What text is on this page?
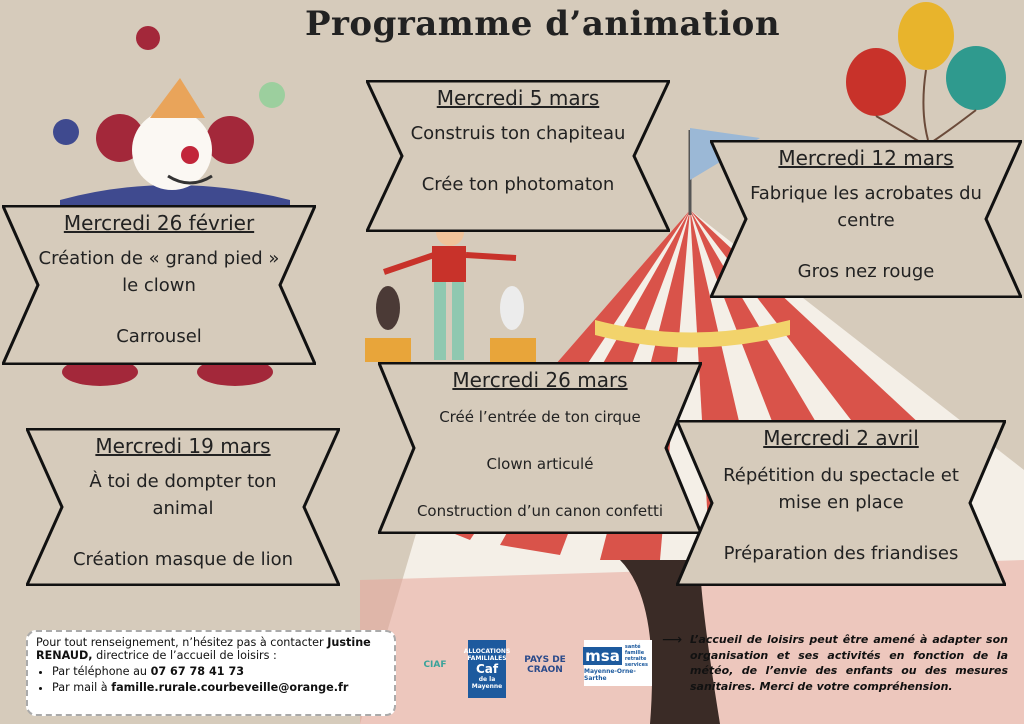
Programme d’animation
Mercredi 26 février
Création de « grand pied »
le clown
Carrousel
Mercredi 5 mars
Construis ton chapiteau
Crée ton photomaton
Mercredi 12 mars
Fabrique les acrobates du
centre
Gros nez rouge
Mercredi 19 mars
À toi de dompter ton
animal
Création masque de lion
Mercredi 26 mars
Créé l’entrée de ton cirque
Clown articulé
Construction d’un canon confetti
Mercredi 2 avril
Répétition du spectacle et
mise en place
Préparation des friandises
Pour tout renseignement, n’hésitez pas à contacter Justine RENAUD, directrice de l’accueil de loisirs :
• Par téléphone au 07 67 78 41 73
• Par mail à famille.rurale.courbeveille@orange.fr
CIAF
ALLOCATIONS FAMILIALES
Caf
de la Mayenne
PAYS DE CRAON
msa	santé famille retraite services
Mayenne-Orne-Sarthe
⟶ L’accueil de loisirs peut être amené à adapter son organisation et ses activités en fonction de la météo, de l’envie des enfants ou des mesures sanitaires. Merci de votre compréhension.
